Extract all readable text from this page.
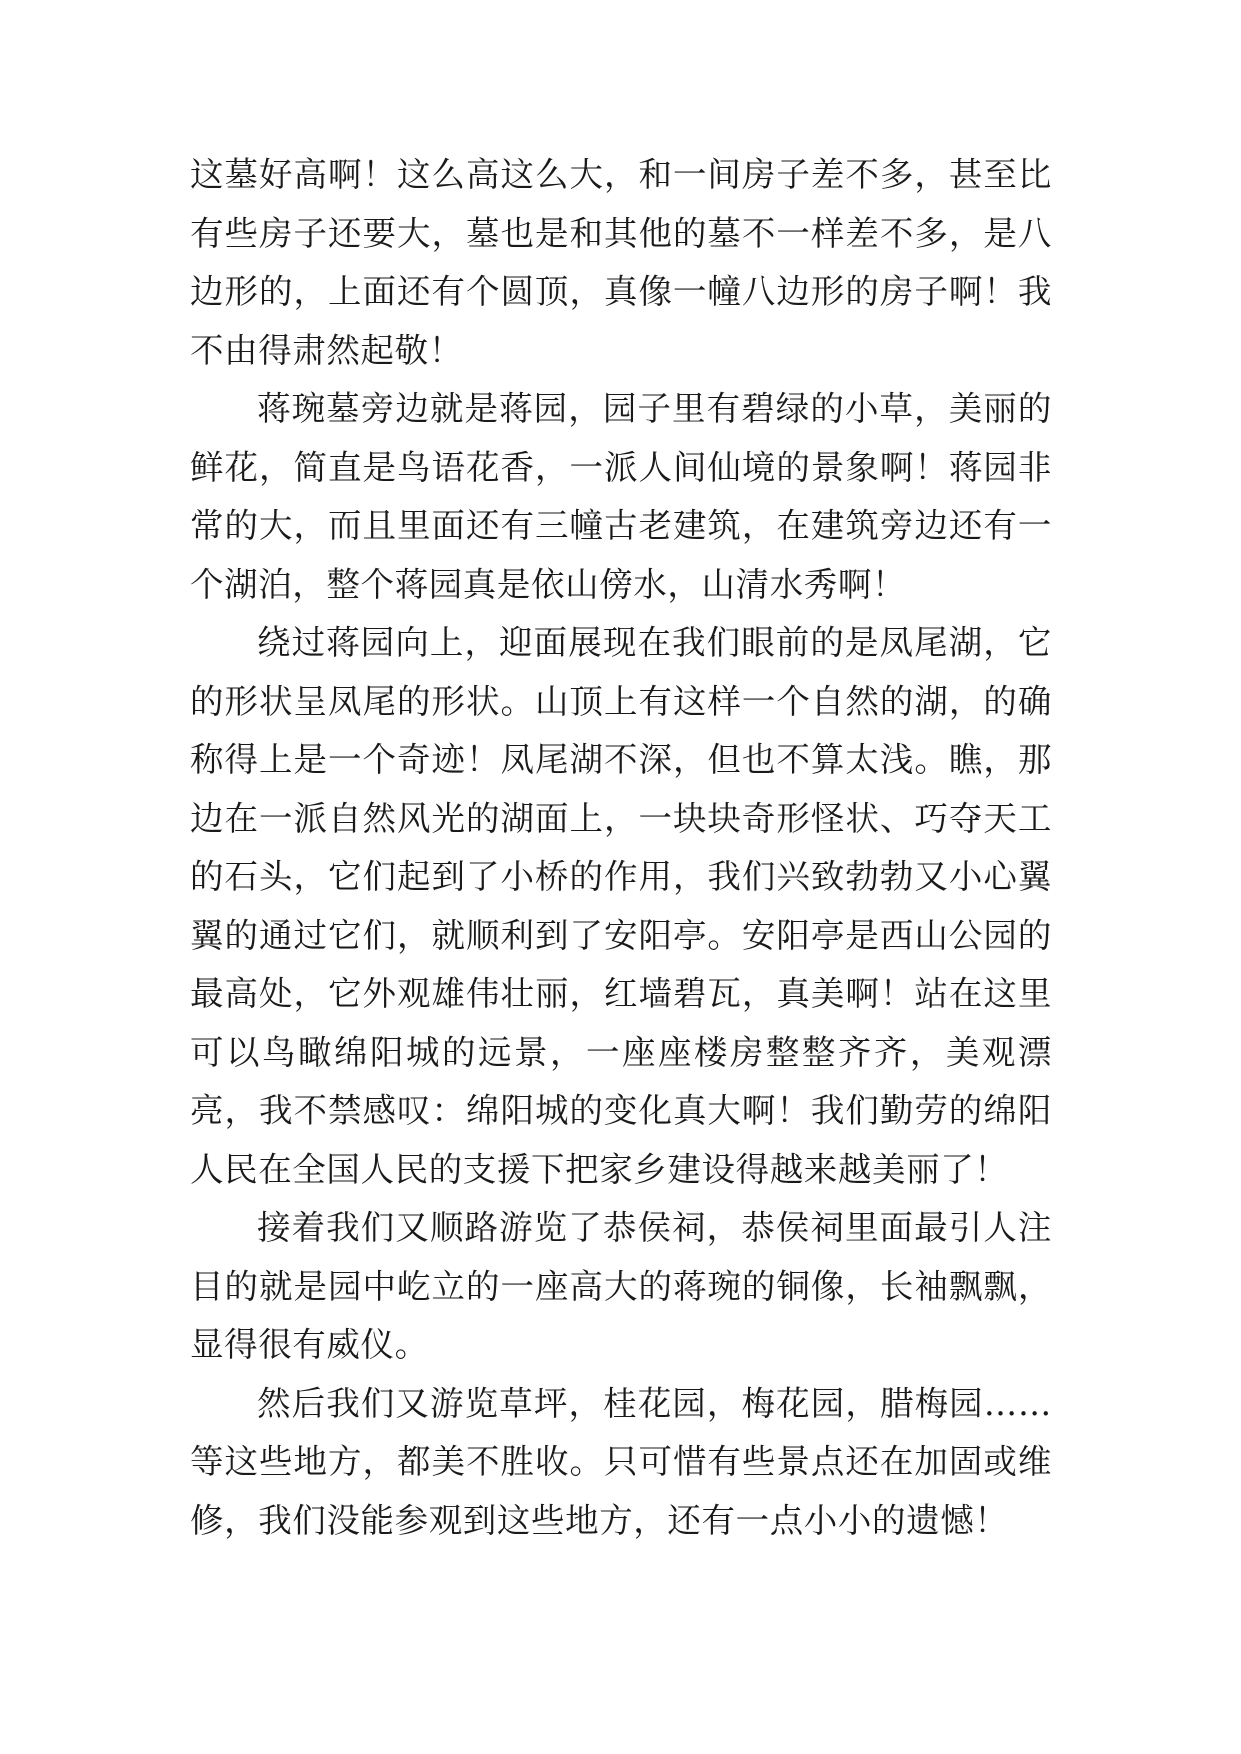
这墓好高啊！这么高这么大，和一间房子差不多，甚至比有些房子还要大，墓也是和其他的墓不一样差不多，是八边形的，上面还有个圆顶，真像一幢八边形的房子啊！我不由得肃然起敬！

蒋琬墓旁边就是蒋园，园子里有碧绿的小草，美丽的鲜花，简直是鸟语花香，一派人间仙境的景象啊！蒋园非常的大，而且里面还有三幢古老建筑，在建筑旁边还有一个湖泊，整个蒋园真是依山傍水，山清水秀啊！

绕过蒋园向上，迎面展现在我们眼前的是凤尾湖，它的形状呈凤尾的形状。山顶上有这样一个自然的湖，的确称得上是一个奇迹！凤尾湖不深，但也不算太浅。瞧，那边在一派自然风光的湖面上，一块块奇形怪状、巧夺天工的石头，它们起到了小桥的作用，我们兴致勃勃又小心翼翼的通过它们，就顺利到了安阳亭。安阳亭是西山公园的最高处，它外观雄伟壮丽，红墙碧瓦，真美啊！站在这里可以鸟瞰绵阳城的远景，一座座楼房整整齐齐，美观漂亮，我不禁感叹：绵阳城的变化真大啊！我们勤劳的绵阳人民在全国人民的支援下把家乡建设得越来越美丽了！

接着我们又顺路游览了恭侯祠，恭侯祠里面最引人注目的就是园中屹立的一座高大的蒋琬的铜像，长袖飘飘，显得很有威仪。

然后我们又游览草坪，桂花园，梅花园，腊梅园……等这些地方，都美不胜收。只可惜有些景点还在加固或维修，我们没能参观到这些地方，还有一点小小的遗憾！
